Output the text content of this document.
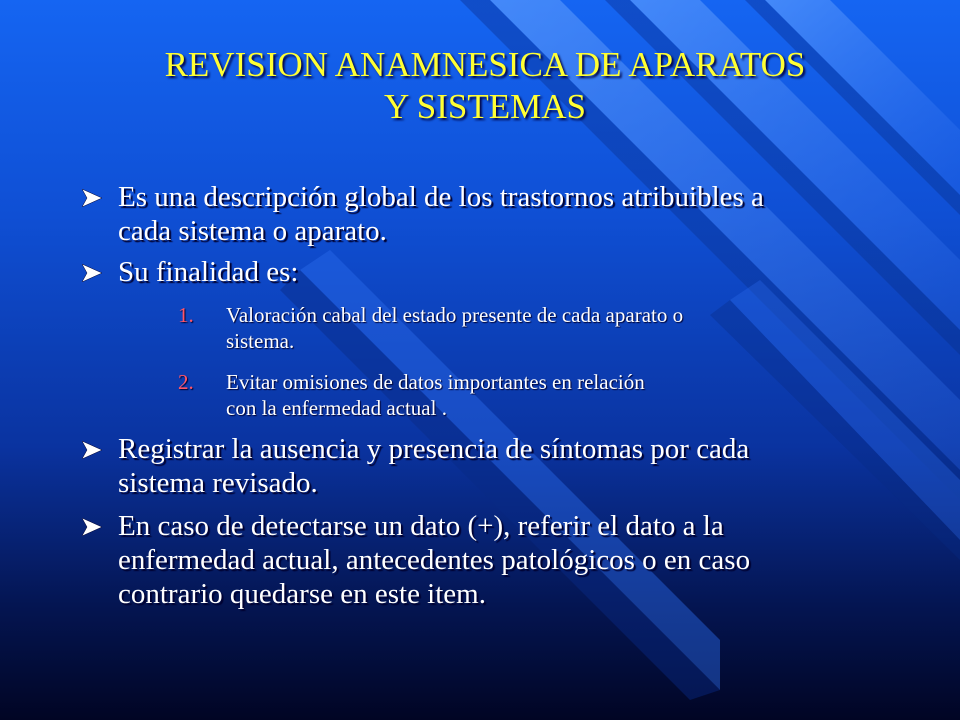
REVISION ANAMNESICA DE APARATOS
Y SISTEMAS
Es una descripción global de los trastornos atribuibles a
cada sistema o aparato.
Su finalidad es:
1. Valoración cabal del estado presente de cada aparato o
sistema.
2. Evitar omisiones de datos importantes en relación
con la enfermedad actual .
Registrar la ausencia y presencia de síntomas por cada
sistema revisado.
En caso de detectarse un dato (+), referir el dato a la
enfermedad actual, antecedentes patológicos o en caso
contrario quedarse en este item.
